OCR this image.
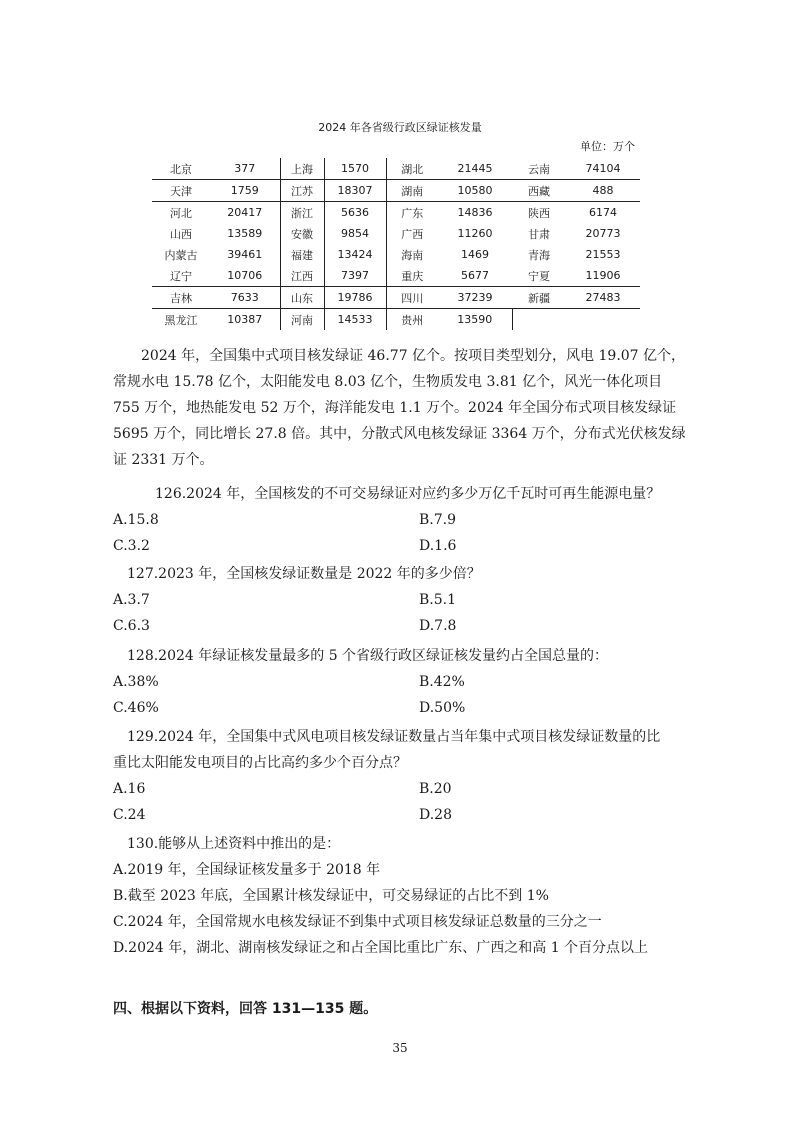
2024 年各省级行政区绿证核发量
单位：万个
北京	377	上海	1570	湖北	21445	云南	74104
天津	1759	江苏	18307	湖南	10580	西藏	488
河北	20417	浙江	5636	广东	14836	陕西	6174
山西	13589	安徽	9854	广西	11260	甘肃	20773
内蒙古	39461	福建	13424	海南	1469	青海	21553
辽宁	10706	江西	7397	重庆	5677	宁夏	11906
吉林	7633	山东	19786	四川	37239	新疆	27483
黑龙江	10387	河南	14533	贵州	13590		

2024 年，全国集中式项目核发绿证 46.77 亿个。按项目类型划分，风电 19.07 亿个，

常规水电 15.78 亿个，太阳能发电 8.03 亿个，生物质发电 3.81 亿个，风光一体化项目

755 万个，地热能发电 52 万个，海洋能发电 1.1 万个。2024 年全国分布式项目核发绿证

5695 万个，同比增长 27.8 倍。其中，分散式风电核发绿证 3364 万个，分布式光伏核发绿

证 2331 万个。

126.2024 年，全国核发的不可交易绿证对应约多少万亿千瓦时可再生能源电量？
A.15.8	B.7.9
C.3.2	D.1.6
127.2023 年，全国核发绿证数量是 2022 年的多少倍？
A.3.7	B.5.1
C.6.3	D.7.8
128.2024 年绿证核发量最多的 5 个省级行政区绿证核发量约占全国总量的：
A.38%	B.42%
C.46%	D.50%
129.2024 年，全国集中式风电项目核发绿证数量占当年集中式项目核发绿证数量的比
重比太阳能发电项目的占比高约多少个百分点？
A.16	B.20
C.24	D.28
130.能够从上述资料中推出的是：
A.2019 年，全国绿证核发量多于 2018 年
B.截至 2023 年底，全国累计核发绿证中，可交易绿证的占比不到 1%
C.2024 年，全国常规水电核发绿证不到集中式项目核发绿证总数量的三分之一
D.2024 年，湖北、湖南核发绿证之和占全国比重比广东、广西之和高 1 个百分点以上
四、根据以下资料，回答 131—135 题。
35
